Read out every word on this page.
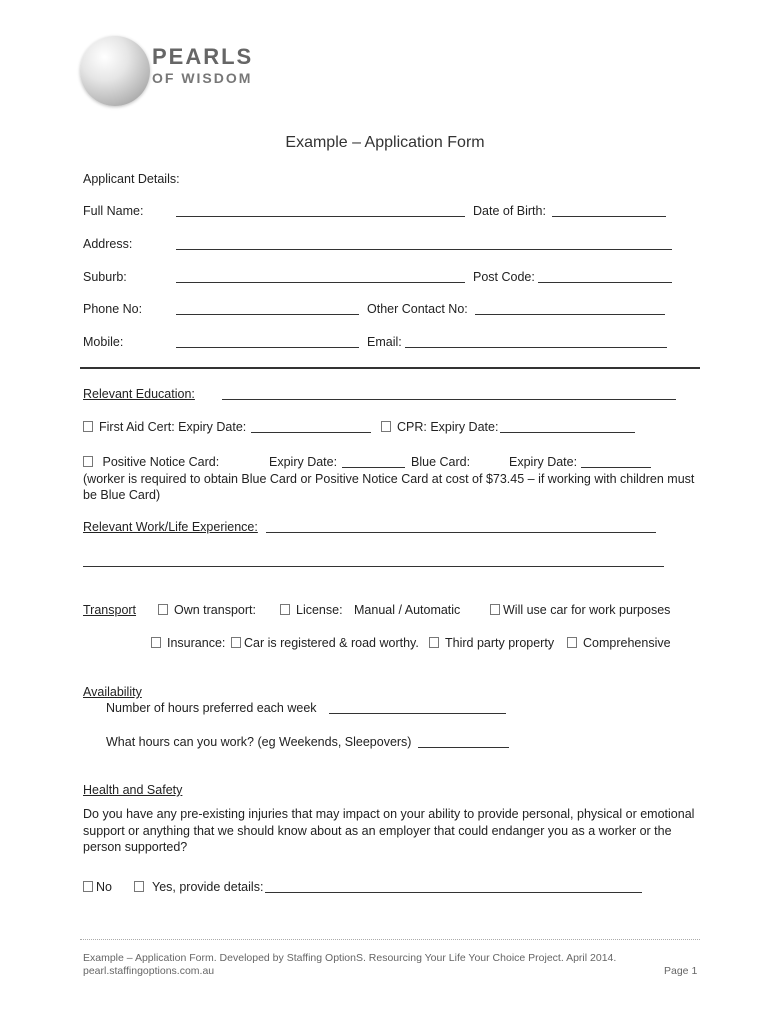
PEARLS
OF WISDOM
Example – Application Form
Applicant Details:
Full Name:	Date of Birth:
Address:
Suburb:	Post Code:
Phone No:	Other Contact No:
Mobile:	Email:
Relevant Education:
First Aid Cert: Expiry Date:	CPR: Expiry Date:
Positive Notice Card:	Expiry Date:	Blue Card:	Expiry Date:
(worker is required to obtain Blue Card or Positive Notice Card at cost of $73.45 – if working with children must be Blue Card)
Relevant Work/Life Experience:
Transport	Own transport:	License: Manual / Automatic	Will use car for work purposes
Insurance:	Car is registered & road worthy.	Third party property	Comprehensive
Availability
Number of hours preferred each week
What hours can you work? (eg Weekends, Sleepovers)
Health and Safety
Do you have any pre-existing injuries that may impact on your ability to provide personal, physical or emotional support or anything that we should know about as an employer that could endanger you as a worker or the person supported?
No	Yes, provide details:
Example – Application Form. Developed by Staffing OptionS. Resourcing Your Life Your Choice Project. April 2014.
pearl.staffingoptions.com.au	Page 1
